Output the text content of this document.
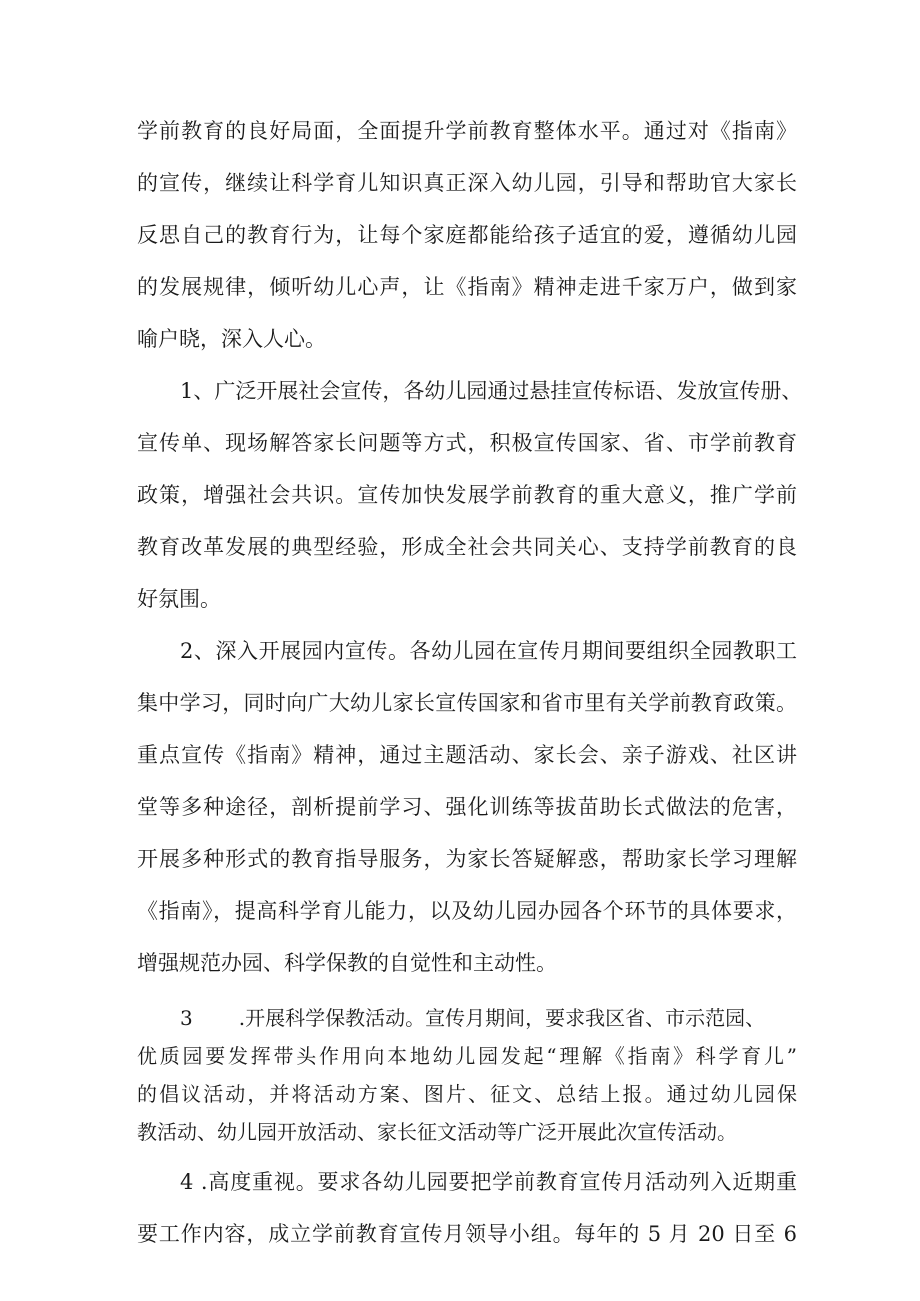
学前教育的良好局面，全面提升学前教育整体水平。通过对《指南》
的宣传，继续让科学育儿知识真正深入幼儿园，引导和帮助官大家长
反思自己的教育行为，让每个家庭都能给孩子适宜的爱，遵循幼儿园
的发展规律，倾听幼儿心声，让《指南》精神走进千家万户，做到家
喻户晓，深入人心。
1、广泛开展社会宣传，各幼儿园通过悬挂宣传标语、发放宣传册、
宣传单、现场解答家长问题等方式，积极宣传国家、省、市学前教育
政策，增强社会共识。宣传加快发展学前教育的重大意义，推广学前
教育改革发展的典型经验，形成全社会共同关心、支持学前教育的良
好氛围。
2、深入开展园内宣传。各幼儿园在宣传月期间要组织全园教职工
集中学习，同时向广大幼儿家长宣传国家和省市里有关学前教育政策。
重点宣传《指南》精神，通过主题活动、家长会、亲子游戏、社区讲
堂等多种途径，剖析提前学习、强化训练等拔苗助长式做法的危害，
开展多种形式的教育指导服务，为家长答疑解惑，帮助家长学习理解
《指南》，提高科学育儿能力，以及幼儿园办园各个环节的具体要求，
增强规范办园、科学保教的自觉性和主动性。
3 .开展科学保教活动。宣传月期间，要求我区省、市示范园、
优质园要发挥带头作用向本地幼儿园发起“理解《指南》科学育儿”
的倡议活动，并将活动方案、图片、征文、总结上报。通过幼儿园保
教活动、幼儿园开放活动、家长征文活动等广泛开展此次宣传活动。
4 .高度重视。要求各幼儿园要把学前教育宣传月活动列入近期重
要工作内容，成立学前教育宣传月领导小组。每年的 5 月 20 日至 6
